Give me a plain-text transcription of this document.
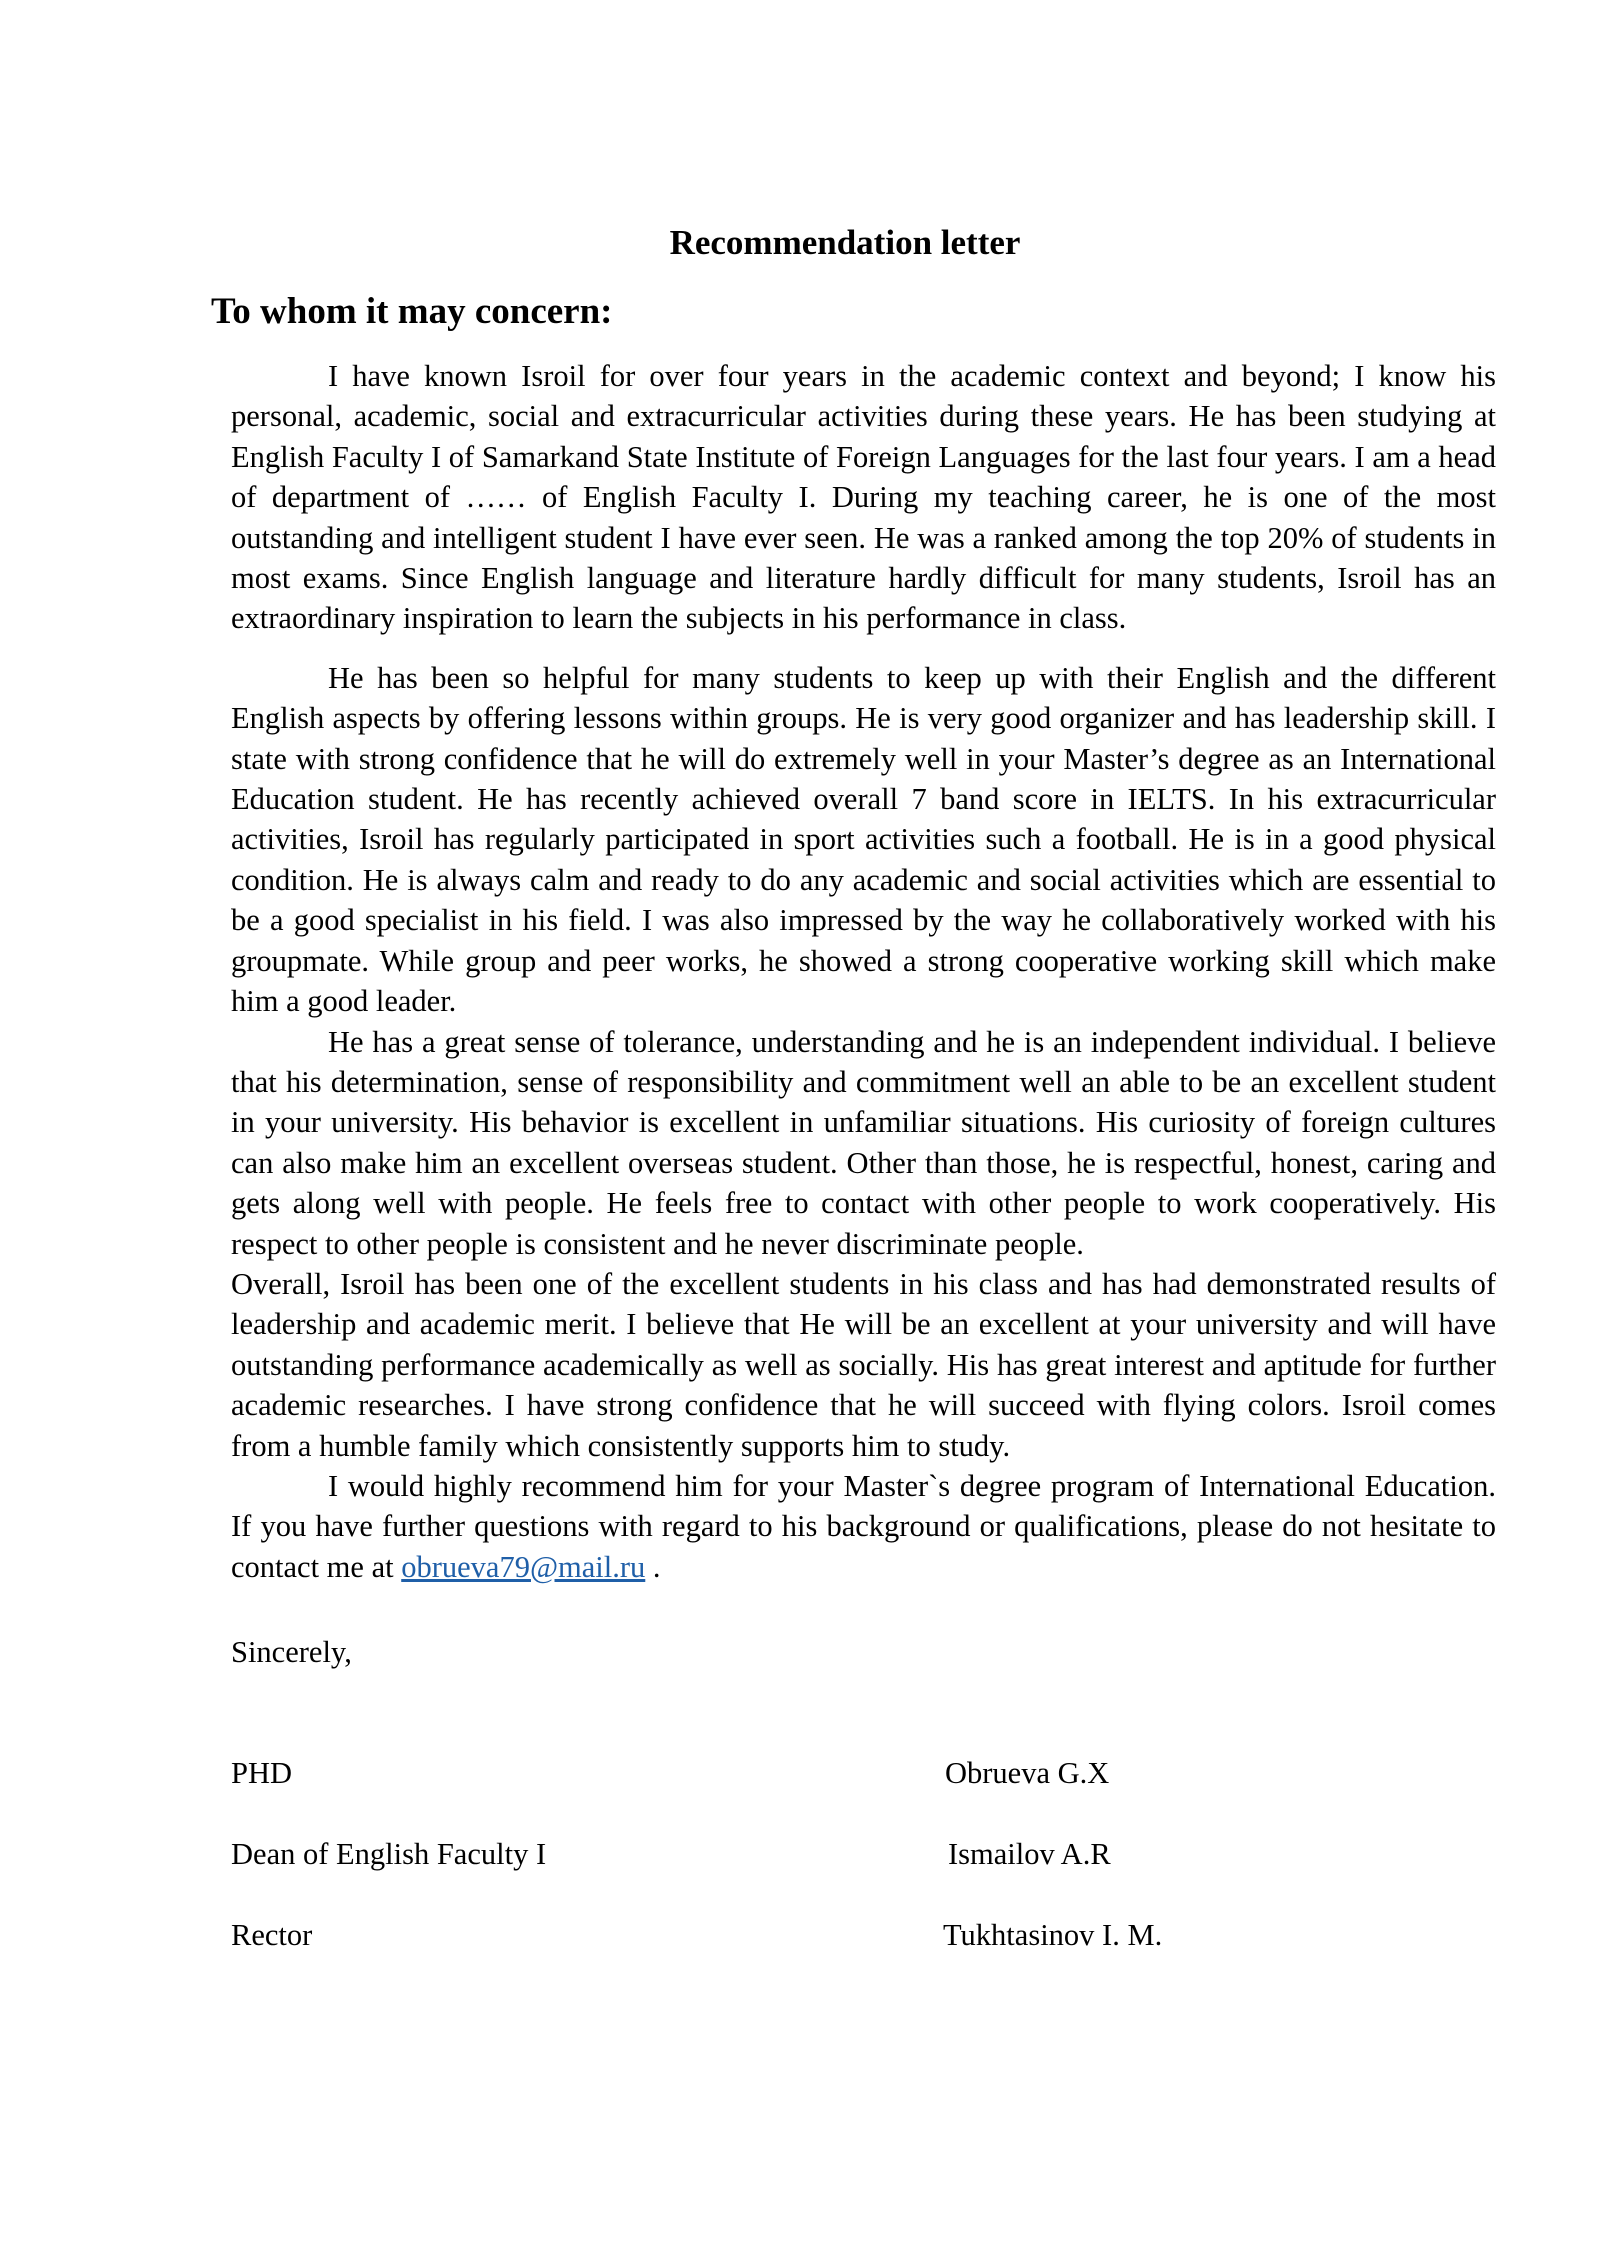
Recommendation letter
To whom it may concern:

I have known Isroil for over four years in the academic context and beyond; I know his personal, academic, social and extracurricular activities during these years. He has been studying at English Faculty I of Samarkand State Institute of Foreign Languages for the last four years. I am a head of department of …… of English Faculty I. During my teaching career, he is one of the most outstanding and intelligent student I have ever seen. He was a ranked among the top 20% of students in most exams. Since English language and literature hardly difficult for many students, Isroil has an extraordinary inspiration to learn the subjects in his performance in class.

He has been so helpful for many students to keep up with their English and the different English aspects by offering lessons within groups. He is very good organizer and has leadership skill. I state with strong confidence that he will do extremely well in your Master’s degree as an International Education student. He has recently achieved overall 7 band score in IELTS. In his extracurricular activities, Isroil has regularly participated in sport activities such a football. He is in a good physical condition. He is always calm and ready to do any academic and social activities which are essential to be a good specialist in his field. I was also impressed by the way he collaboratively worked with his groupmate. While group and peer works, he showed a strong cooperative working skill which make him a good leader.

He has a great sense of tolerance, understanding and he is an independent individual. I believe that his determination, sense of responsibility and commitment well an able to be an excellent student in your university. His behavior is excellent in unfamiliar situations. His curiosity of foreign cultures can also make him an excellent overseas student. Other than those, he is respectful, honest, caring and gets along well with people. He feels free to contact with other people to work cooperatively. His respect to other people is consistent and he never discriminate people.

Overall, Isroil has been one of the excellent students in his class and has had demonstrated results of leadership and academic merit. I believe that He will be an excellent at your university and will have outstanding performance academically as well as socially. His has great interest and aptitude for further academic researches. I have strong confidence that he will succeed with flying colors. Isroil comes from a humble family which consistently supports him to study.

I would highly recommend him for your Master`s degree program of International Education. If you have further questions with regard to his background or qualifications, please do not hesitate to contact me at obrueva79@mail.ru .

Sincerely,

PHD	Obrueva G.X
Dean of English Faculty I	Ismailov A.R
Rector	Tukhtasinov I. M.
